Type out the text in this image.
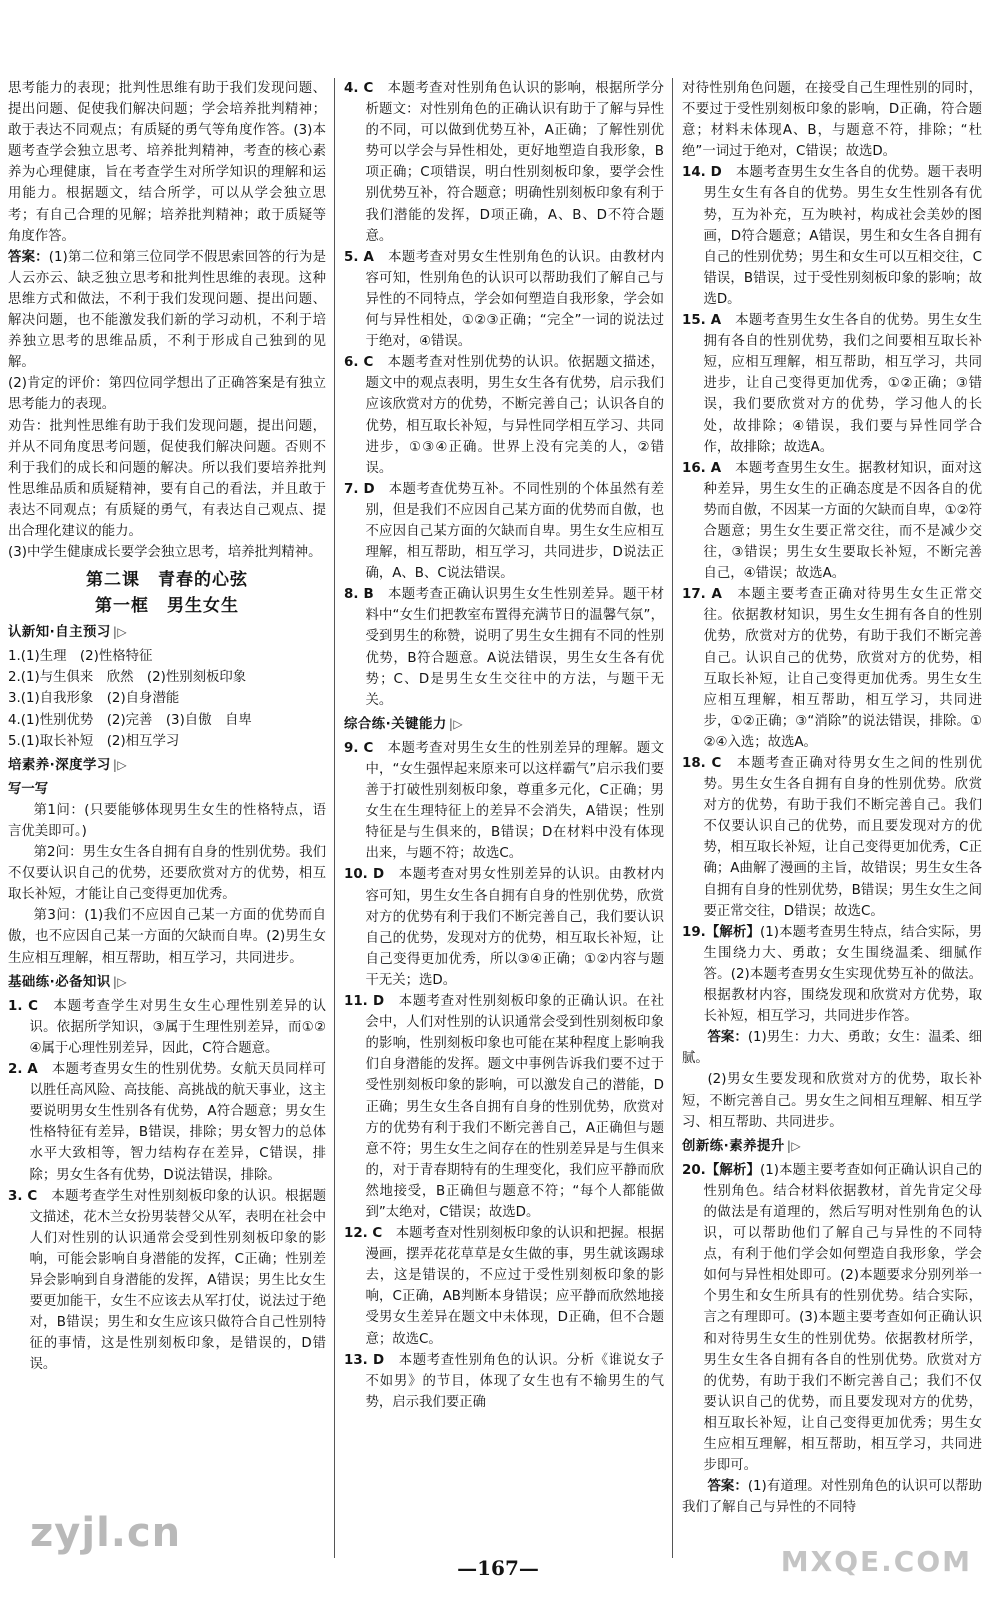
思考能力的表现；批判性思维有助于我们发现问题、提出问题、促使我们解决问题；学会培养批判精神；敢于表达不同观点；有质疑的勇气等角度作答。(3)本题考查学会独立思考、培养批判精神，考查的核心素养为心理健康，旨在考查学生对所学知识的理解和运用能力。根据题文，结合所学，可以从学会独立思考；有自己合理的见解；培养批判精神；敢于质疑等角度作答。

答案：(1)第二位和第三位同学不假思索回答的行为是人云亦云、缺乏独立思考和批判性思维的表现。这种思维方式和做法，不利于我们发现问题、提出问题、解决问题，也不能激发我们新的学习动机，不利于培养独立思考的思维品质，不利于形成自己独到的见解。

(2)肯定的评价：第四位同学想出了正确答案是有独立思考能力的表现。

劝告：批判性思维有助于我们发现问题，提出问题，并从不同角度思考问题，促使我们解决问题。否则不利于我们的成长和问题的解决。所以我们要培养批判性思维品质和质疑精神，要有自己的看法，并且敢于表达不同观点；有质疑的勇气，有表达自己观点、提出合理化建议的能力。

(3)中学生健康成长要学会独立思考，培养批判精神。

第二课　青春的心弦
第一框　男生女生
认新知·自主预习 |▷
1.(1)生理　(2)性格特征
2.(1)与生俱来　欣然　(2)性别刻板印象
3.(1)自我形象　(2)自身潜能
4.(1)性别优势　(2)完善　(3)自傲　自卑
5.(1)取长补短　(2)相互学习
培素养·深度学习 |▷
写一写

第1问：(只要能够体现男生女生的性格特点，语言优美即可。)

第2问：男生女生各自拥有自身的性别优势。我们不仅要认识自己的优势，还要欣赏对方的优势，相互取长补短，才能让自己变得更加优秀。

第3问：(1)我们不应因自己某一方面的优势而自傲，也不应因自己某一方面的欠缺而自卑。(2)男生女生应相互理解，相互帮助，相互学习，共同进步。

基础练·必备知识 |▷

1. C　 本题考查学生对男生女生心理性别差异的认识。依据所学知识，③属于生理性别差异，而①②④属于心理性别差异，因此，C符合题意。

2. A　 本题考查男女生的性别优势。女航天员同样可以胜任高风险、高技能、高挑战的航天事业，这主要说明男女生性别各有优势，A符合题意；男女生性格特征有差异，B错误，排除；男女智力的总体水平大致相等，智力结构存在差异，C错误，排除；男女生各有优势，D说法错误，排除。

3. C　 本题考查学生对性别刻板印象的认识。根据题文描述，花木兰女扮男装替父从军，表明在社会中人们对性别的认识通常会受到性别刻板印象的影响，可能会影响自身潜能的发挥，C正确；性别差异会影响到自身潜能的发挥，A错误；男生比女生要更加能干，女生不应该去从军打仗，说法过于绝对，B错误；男生和女生应该只做符合自己性别特征的事情，这是性别刻板印象，是错误的，D错误。

4. C　 本题考查对性别角色认识的影响，根据所学分析题文：对性别角色的正确认识有助于了解与异性的不同，可以做到优势互补，A正确；了解性别优势可以学会与异性相处，更好地塑造自我形象，B项正确；C项错误，明白性别刻板印象，要学会性别优势互补，符合题意；明确性别刻板印象有利于我们潜能的发挥，D项正确，A、B、D不符合题意。

5. A　 本题考查对男女生性别角色的认识。由教材内容可知，性别角色的认识可以帮助我们了解自己与异性的不同特点，学会如何塑造自我形象，学会如何与异性相处，①②③正确；“完全”一词的说法过于绝对，④错误。

6. C　 本题考查对性别优势的认识。依据题文描述，题文中的观点表明，男生女生各有优势，启示我们应该欣赏对方的优势，不断完善自己；认识各自的优势，相互取长补短，与异性同学相互学习、共同进步，①③④正确。世界上没有完美的人，②错误。

7. D　 本题考查优势互补。不同性别的个体虽然有差别，但是我们不应因自己某方面的优势而自傲，也不应因自己某方面的欠缺而自卑。男生女生应相互理解，相互帮助，相互学习，共同进步，D说法正确，A、B、C说法错误。

8. B　 本题考查正确认识男生女生性别差异。题干材料中“女生们把教室布置得充满节日的温馨气氛”，受到男生的称赞，说明了男生女生拥有不同的性别优势，B符合题意。A说法错误，男生女生各有优势；C、D是男生女生交往中的方法，与题干无关。

综合练·关键能力 |▷

9. C　 本题考查对男生女生的性别差异的理解。题文中，“女生强悍起来原来可以这样霸气”启示我们要善于打破性别刻板印象，尊重多元化，C正确；男女生在生理特征上的差异不会消失，A错误；性别特征是与生俱来的，B错误；D在材料中没有体现出来，与题不符；故选C。

10. D　 本题考查对男女性别差异的认识。由教材内容可知，男生女生各自拥有自身的性别优势，欣赏对方的优势有利于我们不断完善自己，我们要认识自己的优势，发现对方的优势，相互取长补短，让自己变得更加优秀，所以③④正确；①②内容与题干无关；选D。

11. D　 本题考查对性别刻板印象的正确认识。在社会中，人们对性别的认识通常会受到性别刻板印象的影响，性别刻板印象也可能在某种程度上影响我们自身潜能的发挥。题文中事例告诉我们要不过于受性别刻板印象的影响，可以激发自己的潜能，D正确；男生女生各自拥有自身的性别优势，欣赏对方的优势有利于我们不断完善自己，A正确但与题意不符；男生女生之间存在的性别差异是与生俱来的，对于青春期特有的生理变化，我们应平静而欣然地接受，B正确但与题意不符；“每个人都能做到”太绝对，C错误；故选D。

12. C　 本题考查对性别刻板印象的认识和把握。根据漫画，摆弄花花草草是女生做的事，男生就该踢球去，这是错误的，不应过于受性别刻板印象的影响，C正确，AB判断本身错误；应平静而欣然地接受男女生差异在题文中未体现，D正确，但不合题意；故选C。

13. D　 本题考查性别角色的认识。分析《谁说女子不如男》的节目，体现了女生也有不输男生的气势，启示我们要正确

对待性别角色问题，在接受自己生理性别的同时，不要过于受性别刻板印象的影响，D正确，符合题意；材料未体现A、B，与题意不符，排除；“杜绝”一词过于绝对，C错误；故选D。

14. D　 本题考查男生女生各自的优势。题干表明男生女生有各自的优势。男生女生性别各有优势，互为补充，互为映衬，构成社会美妙的图画，D符合题意；A错误，男生和女生各自拥有自己的性别优势；男生和女生可以互相交往，C错误，B错误，过于受性别刻板印象的影响；故选D。

15. A　 本题考查男生女生各自的优势。男生女生拥有各自的性别优势，我们之间要相互取长补短，应相互理解，相互帮助，相互学习，共同进步，让自己变得更加优秀，①②正确；③错误，我们要欣赏对方的优势，学习他人的长处，故排除；④错误，我们要与异性同学合作，故排除；故选A。

16. A　 本题考查男生女生。据教材知识，面对这种差异，男生女生的正确态度是不因各自的优势而自傲，不因某一方面的欠缺而自卑，①②符合题意；男生女生要正常交往，而不是减少交往，③错误；男生女生要取长补短，不断完善自己，④错误；故选A。

17. A　 本题主要考查正确对待男生女生正常交往。依据教材知识，男生女生拥有各自的性别优势，欣赏对方的优势，有助于我们不断完善自己。认识自己的优势，欣赏对方的优势，相互取长补短，让自己变得更加优秀。男生女生应相互理解，相互帮助，相互学习，共同进步，①②正确；③“消除”的说法错误，排除。①②④入选；故选A。

18. C　 本题考查正确对待男女生之间的性别优势。男生女生各自拥有自身的性别优势。欣赏对方的优势，有助于我们不断完善自己。我们不仅要认识自己的优势，而且要发现对方的优势，相互取长补短，让自己变得更加优秀，C正确；A曲解了漫画的主旨，故错误；男生女生各自拥有自身的性别优势，B错误；男生女生之间要正常交往，D错误；故选C。

19.【解析】(1)本题考查男生特点，结合实际，男生围绕力大、勇敢；女生围绕温柔、细腻作答。(2)本题考查男女生实现优势互补的做法。根据教材内容，围绕发现和欣赏对方优势，取长补短，相互学习，共同进步作答。

答案：(1)男生：力大、勇敢；女生：温柔、细腻。

(2)男女生要发现和欣赏对方的优势，取长补短，不断完善自己。男女生之间相互理解、相互学习、相互帮助、共同进步。

创新练·素养提升 |▷

20.【解析】(1)本题主要考查如何正确认识自己的性别角色。结合材料依据教材，首先肯定父母的做法是有道理的，然后写明对性别角色的认识，可以帮助他们了解自己与异性的不同特点，有利于他们学会如何塑造自我形象，学会如何与异性相处即可。(2)本题要求分别列举一个男生和女生所具有的性别优势。结合实际，言之有理即可。(3)本题主要考查如何正确认识和对待男生女生的性别优势。依据教材所学，男生女生各自拥有各自的性别优势。欣赏对方的优势，有助于我们不断完善自己；我们不仅要认识自己的优势，而且要发现对方的优势，相互取长补短，让自己变得更加优秀；男生女生应相互理解，相互帮助，相互学习，共同进步即可。

答案：(1)有道理。对性别角色的认识可以帮助我们了解自己与异性的不同特

—167—
zyjl.cn
MXQE.COM
